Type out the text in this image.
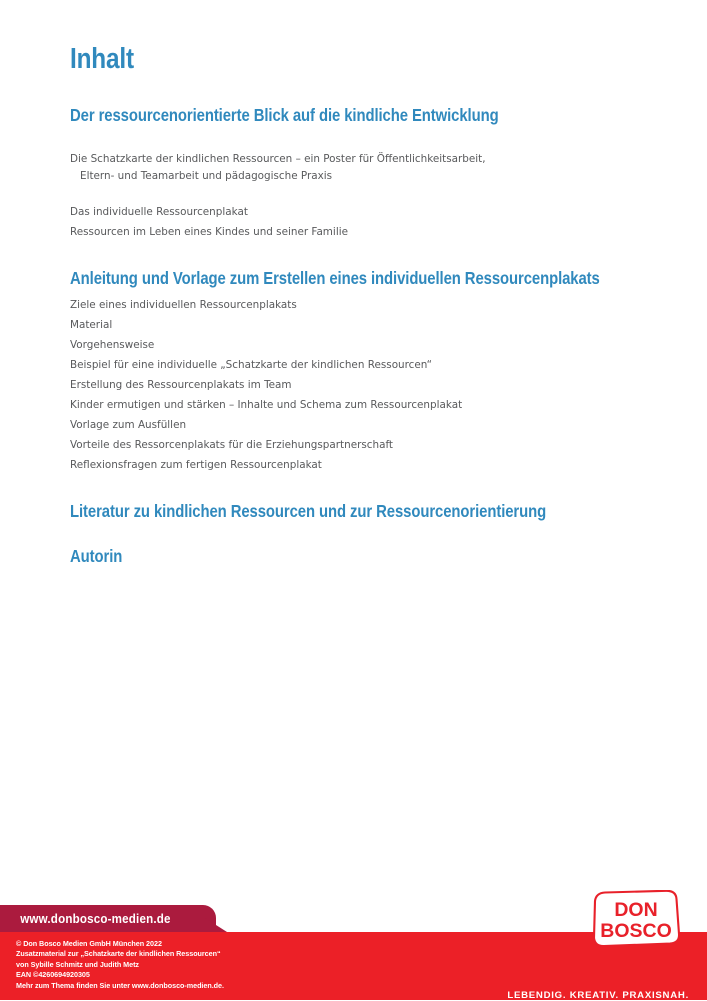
Inhalt
Der ressourcenorientierte Blick auf die kindliche Entwicklung

Die Schatzkarte der kindlichen Ressourcen – ein Poster für Öffentlichkeitsarbeit,

Eltern- und Teamarbeit und pädagogische Praxis

Das individuelle Ressourcenplakat

Ressourcen im Leben eines Kindes und seiner Familie

Anleitung und Vorlage zum Erstellen eines individuellen Ressourcenplakats

Ziele eines individuellen Ressourcenplakats

Material

Vorgehensweise

Beispiel für eine individuelle „Schatzkarte der kindlichen Ressourcen“

Erstellung des Ressourcenplakats im Team

Kinder ermutigen und stärken – Inhalte und Schema zum Ressourcenplakat

Vorlage zum Ausfüllen

Vorteile des Ressorcenplakats für die Erziehungspartnerschaft

Reflexionsfragen zum fertigen Ressourcenplakat

Literatur zu kindlichen Ressourcen und zur Ressourcenorientierung
Autorin
www.donbosco-medien.de
© Don Bosco Medien GmbH München 2022
Zusatzmaterial zur „Schatzkarte der kindlichen Ressourcen“
von Sybille Schmitz und Judith Metz
EAN ©4260694920305
Mehr zum Thema finden Sie unter www.donbosco-medien.de.
LEBENDIG. KREATIV. PRAXISNAH.
DON
BOSCO
